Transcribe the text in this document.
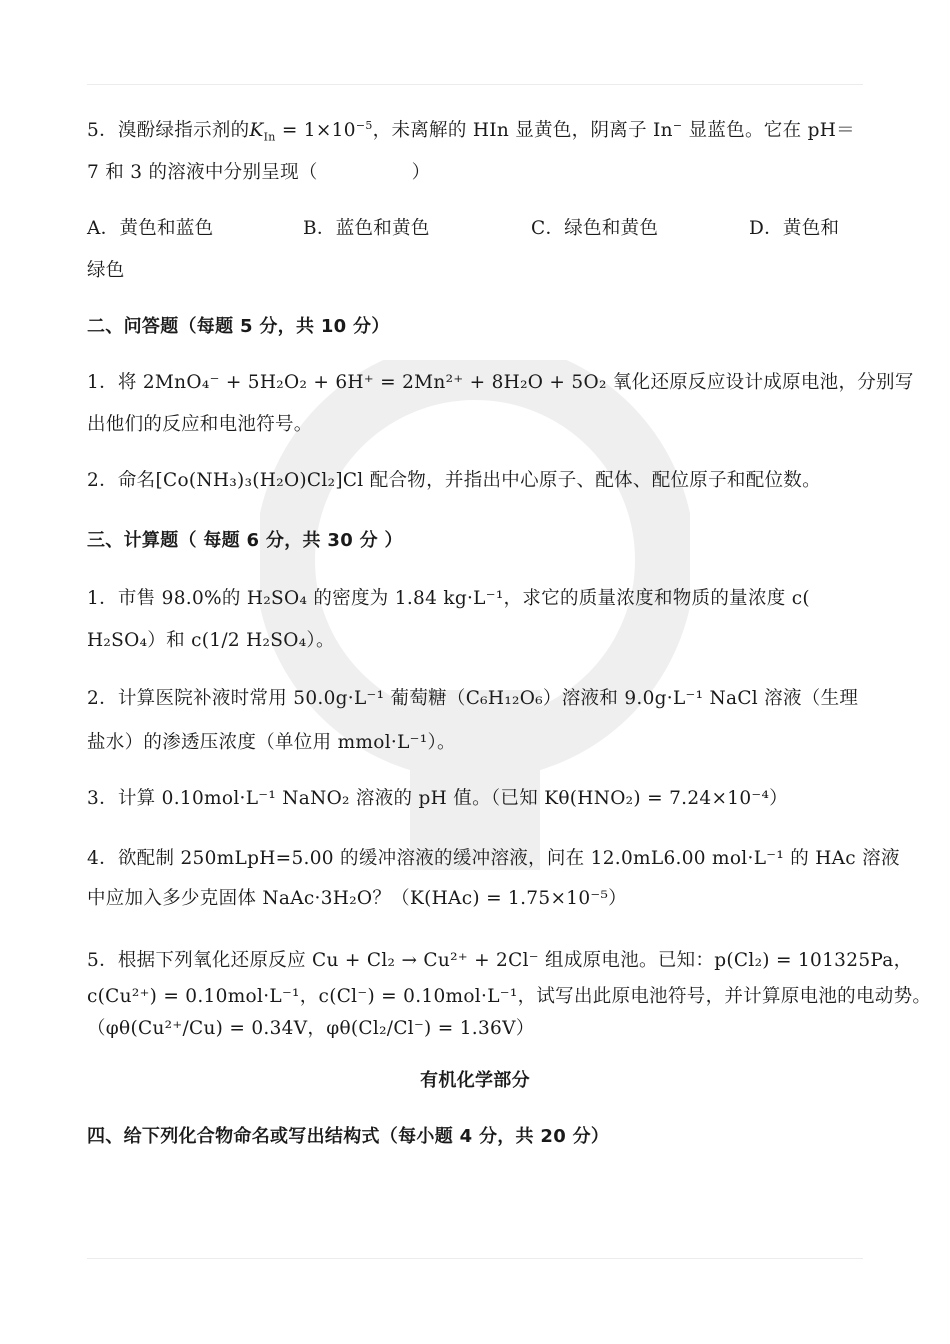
5．溴酚绿指示剂的$K_{In} = 1\times 10^{-5}$，未离解的 HIn 显黄色，阴离子 In− 显蓝色。它在 pH＝
7 和 3 的溶液中分别呈现（　　　　　）
A．黄色和蓝色	B．蓝色和黄色	C．绿色和黄色	D．黄色和
绿色
二、问答题（每题 5 分，共 10 分）
1．将 2MnO₄⁻ + 5H₂O₂ + 6H⁺ = 2Mn²⁺ + 8H₂O + 5O₂ 氧化还原反应设计成原电池，分别写
出他们的反应和电池符号。
2．命名[Co(NH₃)₃(H₂O)Cl₂]Cl 配合物，并指出中心原子、配体、配位原子和配位数。
三、计算题（ 每题 6 分，共 30 分 ）
1．市售 98.0%的 H₂SO₄ 的密度为 1.84 kg·L⁻¹，求它的质量浓度和物质的量浓度 c(
H₂SO₄）和 c(1/2 H₂SO₄）。
2．计算医院补液时常用 50.0g·L⁻¹ 葡萄糖（C₆H₁₂O₆）溶液和 9.0g·L⁻¹ NaCl 溶液（生理
盐水）的渗透压浓度（单位用 mmol·L⁻¹）。
3．计算 0.10mol·L⁻¹ NaNO₂ 溶液的 pH 值。（已知 Kθ(HNO₂) = 7.24×10⁻⁴）
4．欲配制 250mLpH=5.00 的缓冲溶液的缓冲溶液，问在 12.0mL6.00 mol·L⁻¹ 的 HAc 溶液
中应加入多少克固体 NaAc·3H₂O？（K(HAc) = 1.75×10⁻⁵）
5．根据下列氧化还原反应 Cu + Cl₂ → Cu²⁺ + 2Cl⁻ 组成原电池。已知：p(Cl₂) = 101325Pa，
c(Cu²⁺) = 0.10mol·L⁻¹，c(Cl⁻) = 0.10mol·L⁻¹，试写出此原电池符号，并计算原电池的电动势。
（φθ(Cu²⁺/Cu) = 0.34V，φθ(Cl₂/Cl⁻) = 1.36V）
有机化学部分
四、给下列化合物命名或写出结构式（每小题 4 分，共 20 分）
